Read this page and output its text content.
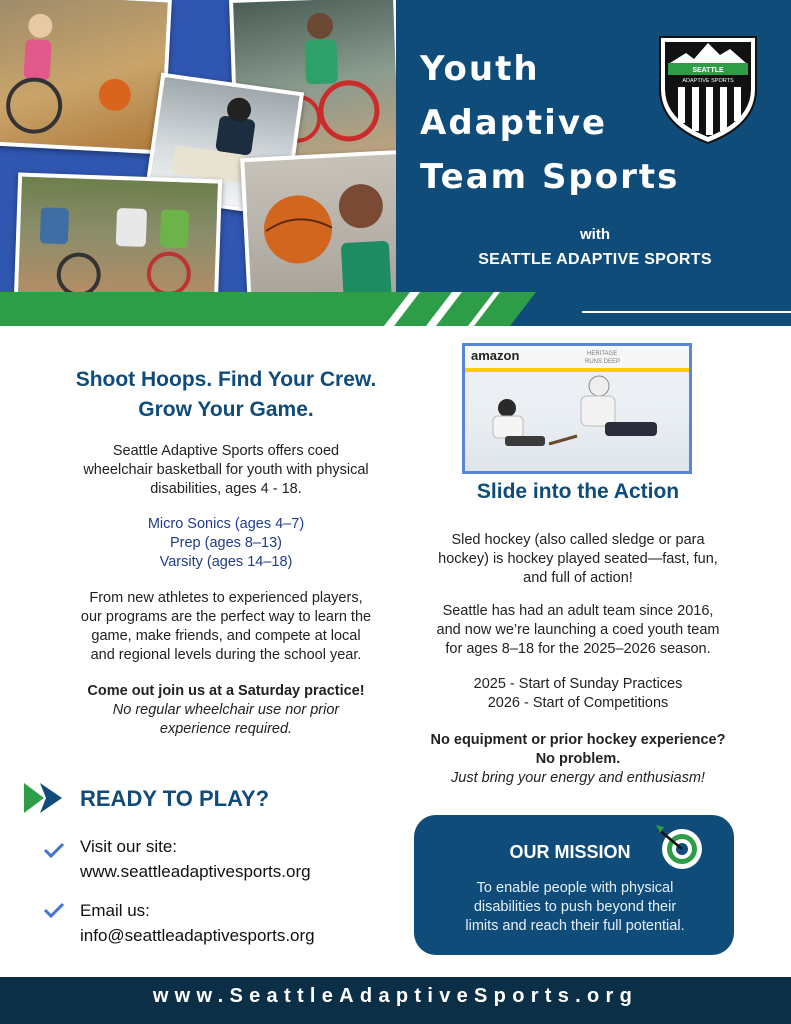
Youth
Adaptive
Team Sports
SEATTLE
ADAPTIVE SPORTS
with
SEATTLE ADAPTIVE SPORTS
Shoot Hoops. Find Your Crew.
Grow Your Game.
Seattle Adaptive Sports offers coed
wheelchair basketball for youth with physical
disabilities, ages 4 - 18.
Micro Sonics (ages 4–7)
Prep (ages 8–13)
Varsity (ages 14–18)
From new athletes to experienced players,
our programs are the perfect way to learn the
game, make friends, and compete at local
and regional levels during the school year.
Come out join us at a Saturday practice!
No regular wheelchair use nor prior
experience required.
READY TO PLAY?
Visit our site:
www.seattleadaptivesports.org
Email us:
info@seattleadaptivesports.org
amazon	HERITAGE
RUNS DEEP
Slide into the Action
Sled hockey (also called sledge or para
hockey) is hockey played seated—fast, fun,
and full of action!
Seattle has had an adult team since 2016,
and now we’re launching a coed youth team
for ages 8–18 for the 2025–2026 season.
2025 - Start of Sunday Practices
2026 - Start of Competitions
No equipment or prior hockey experience?
No problem.
Just bring your energy and enthusiasm!
OUR MISSION
To enable people with physical
disabilities to push beyond their
limits and reach their full potential.
www.SeattleAdaptiveSports.org
